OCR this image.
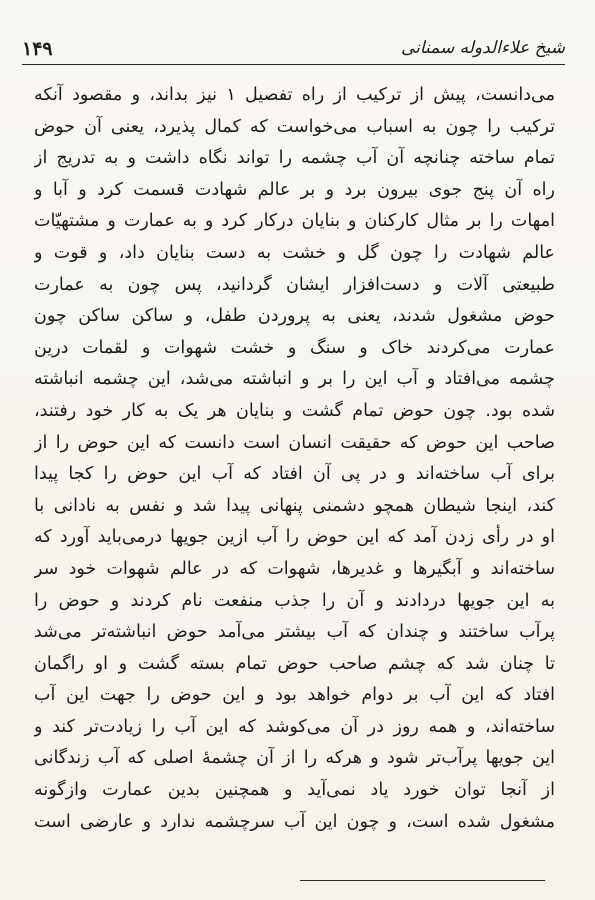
شیخ علاءالدوله سمنانی
۱۴۹
می‌دانست، پیش از ترکیب از راه تفصیل ۱ نیز بداند، و مقصود آنکه
ترکیب را چون به اسباب می‌خواست که کمال پذیرد، یعنی آن حوض
تمام ساخته چنانچه آن آب چشمه را تواند نگاه داشت و به تدریج از
راه آن پنج جوی بیرون برد و بر عالم شهادت قسمت کرد و آبا و
امهات را بر مثال کارکنان و بنایان درکار کرد و به عمارت و مشتهیّات
عالم شهادت را چون گل و خشت به دست بنایان داد، و قوت و
طبیعتی آلات و دست‌افزار ایشان گردانید، پس چون به عمارت
حوض مشغول شدند، یعنی به پروردن طفل، و ساکن ساکن چون
عمارت می‌کردند خاک و سنگ و خشت شهوات و لقمات درین
چشمه می‌افتاد و آب این را بر و انباشته می‌شد، این چشمه انباشته
شده بود. چون حوض تمام گشت و بنایان هر یک به کار خود رفتند،
صاحب این حوض که حقیقت انسان است دانست که این حوض را از
برای آب ساخته‌اند و در پی آن افتاد که آب این حوض را کجا پیدا
کند، اینجا شیطان همچو دشمنی پنهانی پیدا شد و نفس به نادانی با
او در رأی زدن آمد که این حوض را آب ازین جویها درمی‌باید آورد که
ساخته‌اند و آبگیرها و غدیرها، شهوات که در عالم شهوات خود سر
به این جویها دردادند و آن را جذب منفعت نام کردند و حوض را
پرآب ساختند و چندان که آب بیشتر می‌آمد حوض انباشته‌تر می‌شد
تا چنان شد که چشم صاحب حوض تمام بسته گشت و او راگمان
افتاد که این آب بر دوام خواهد بود و این حوض را جهت این آب
ساخته‌اند، و همه روز در آن می‌کوشد که این آب را زیادت‌تر کند و
این جویها پرآب‌تر شود و هرکه را از آن چشمهٔ اصلی که آب زندگانی
از آنجا توان خورد یاد نمی‌آید و همچنین بدین عمارت وازگونه
مشغول شده است، و چون این آب سرچشمه ندارد و عارضی است
